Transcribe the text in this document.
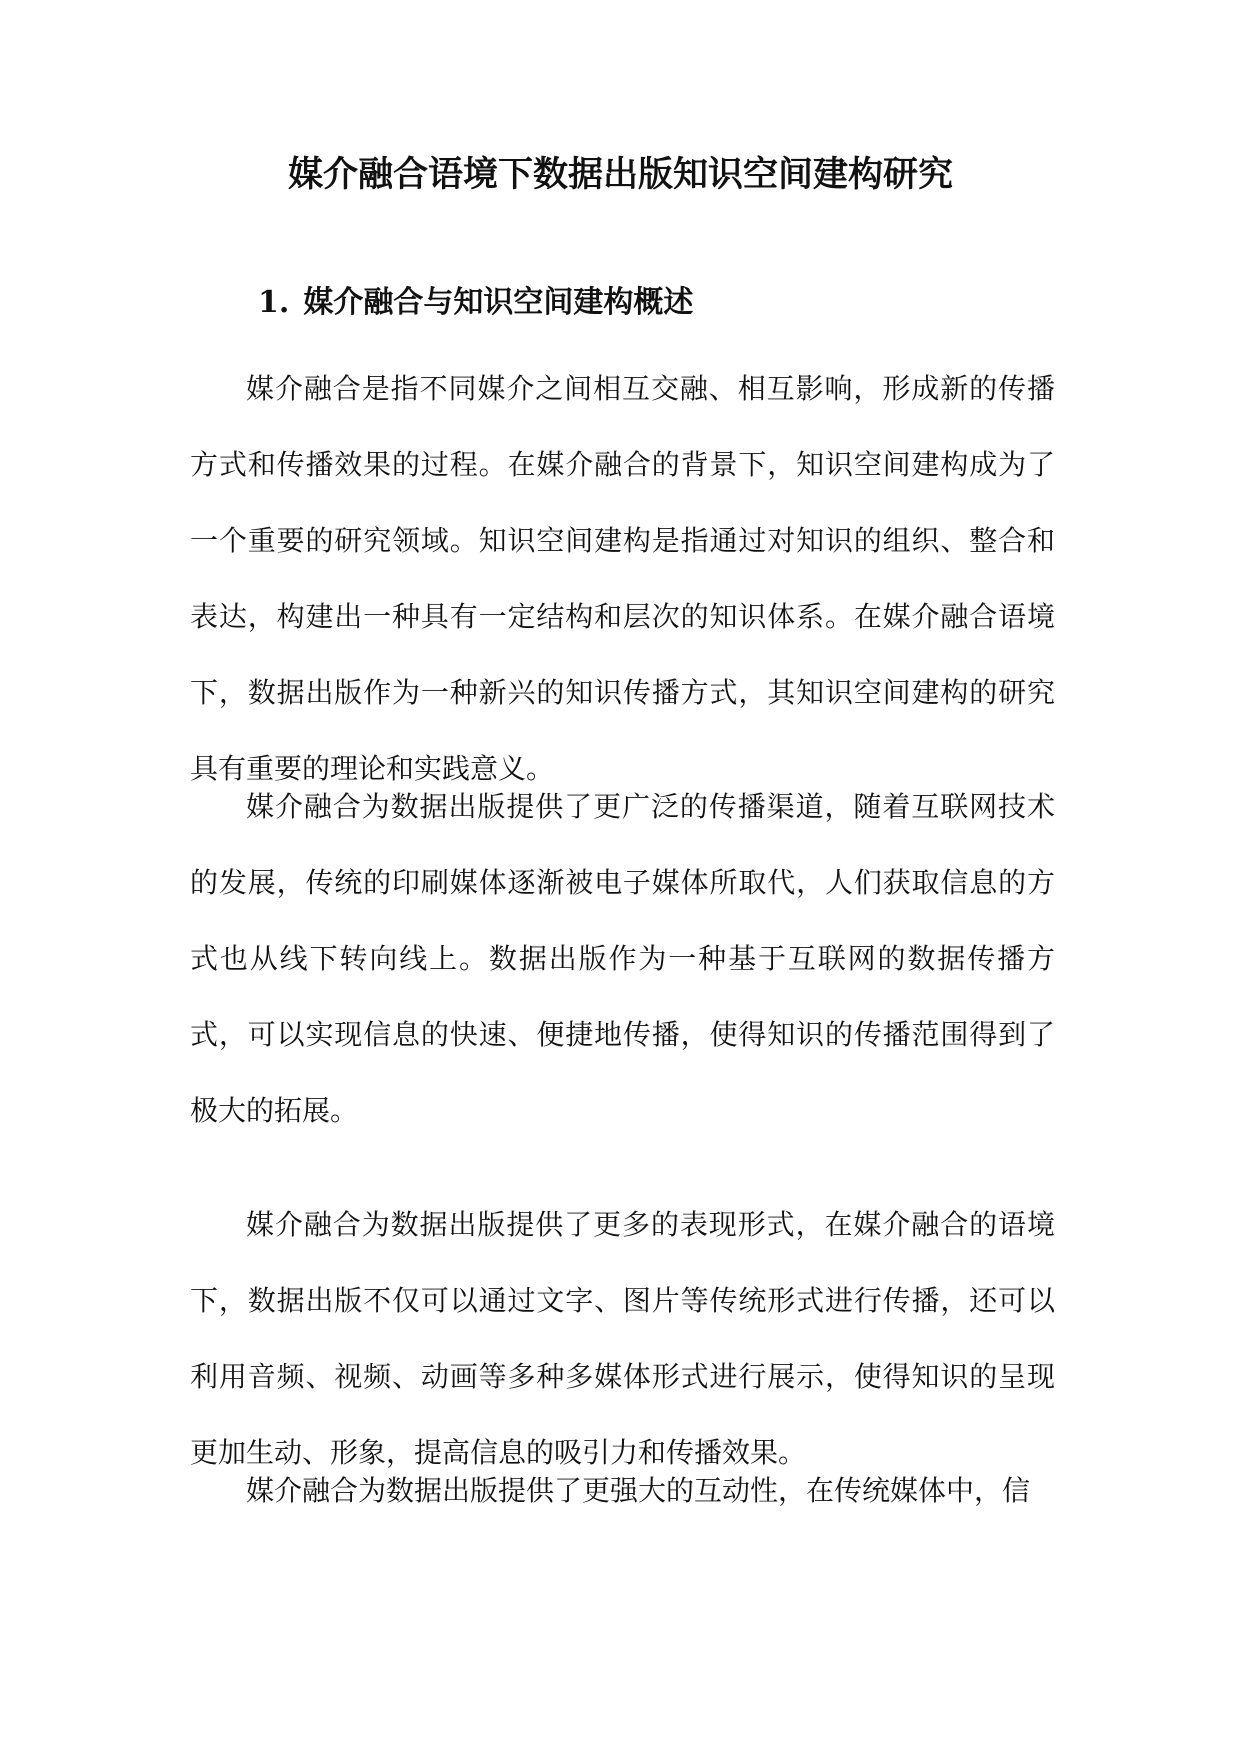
媒介融合语境下数据出版知识空间建构研究
1. 媒介融合与知识空间建构概述

媒介融合是指不同媒介之间相互交融、相互影响，形成新的传播方式和传播效果的过程。在媒介融合的背景下，知识空间建构成为了一个重要的研究领域。知识空间建构是指通过对知识的组织、整合和表达，构建出一种具有一定结构和层次的知识体系。在媒介融合语境下，数据出版作为一种新兴的知识传播方式，其知识空间建构的研究具有重要的理论和实践意义。

媒介融合为数据出版提供了更广泛的传播渠道，随着互联网技术的发展，传统的印刷媒体逐渐被电子媒体所取代，人们获取信息的方式也从线下转向线上。数据出版作为一种基于互联网的数据传播方式，可以实现信息的快速、便捷地传播，使得知识的传播范围得到了极大的拓展。

媒介融合为数据出版提供了更多的表现形式，在媒介融合的语境下，数据出版不仅可以通过文字、图片等传统形式进行传播，还可以利用音频、视频、动画等多种多媒体形式进行展示，使得知识的呈现更加生动、形象，提高信息的吸引力和传播效果。

媒介融合为数据出版提供了更强大的互动性，在传统媒体中，信
